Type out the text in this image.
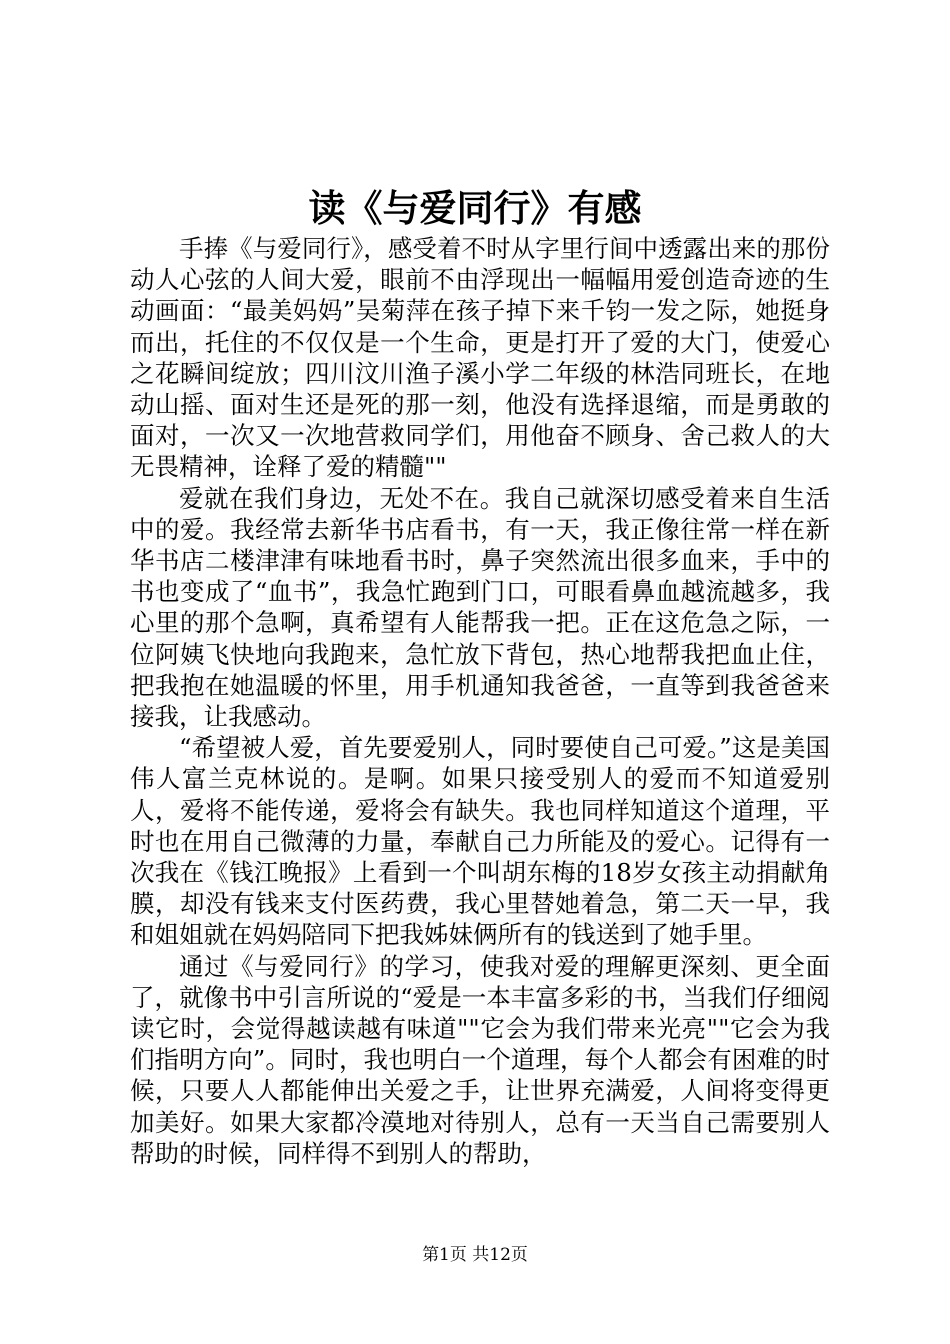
读《与爱同行》有感

手捧《与爱同行》，感受着不时从字里行间中透露出来的那份动人心弦的人间大爱，眼前不由浮现出一幅幅用爱创造奇迹的生动画面：“最美妈妈”吴菊萍在孩子掉下来千钧一发之际，她挺身而出，托住的不仅仅是一个生命，更是打开了爱的大门，使爱心之花瞬间绽放；四川汶川渔子溪小学二年级的林浩同班长，在地动山摇、面对生还是死的那一刻，他没有选择退缩，而是勇敢的面对，一次又一次地营救同学们，用他奋不顾身、舍己救人的大无畏精神，诠释了爱的精髓""

爱就在我们身边，无处不在。我自己就深切感受着来自生活中的爱。我经常去新华书店看书，有一天，我正像往常一样在新华书店二楼津津有味地看书时，鼻子突然流出很多血来，手中的书也变成了“血书”，我急忙跑到门口，可眼看鼻血越流越多，我心里的那个急啊，真希望有人能帮我一把。正在这危急之际，一位阿姨飞快地向我跑来，急忙放下背包，热心地帮我把血止住，把我抱在她温暖的怀里，用手机通知我爸爸，一直等到我爸爸来接我，让我感动。

“希望被人爱，首先要爱别人，同时要使自己可爱。”这是美国伟人富兰克林说的。是啊。如果只接受别人的爱而不知道爱别人，爱将不能传递，爱将会有缺失。我也同样知道这个道理，平时也在用自己微薄的力量，奉献自己力所能及的爱心。记得有一次我在《钱江晚报》上看到一个叫胡东梅的18岁女孩主动捐献角膜，却没有钱来支付医药费，我心里替她着急，第二天一早，我和姐姐就在妈妈陪同下把我姊妹俩所有的钱送到了她手里。

通过《与爱同行》的学习，使我对爱的理解更深刻、更全面了，就像书中引言所说的“爱是一本丰富多彩的书，当我们仔细阅读它时，会觉得越读越有味道""它会为我们带来光亮""它会为我们指明方向”。同时，我也明白一个道理，每个人都会有困难的时候，只要人人都能伸出关爱之手，让世界充满爱，人间将变得更加美好。如果大家都冷漠地对待别人，总有一天当自己需要别人帮助的时候，同样得不到别人的帮助，

第1页 共12页
